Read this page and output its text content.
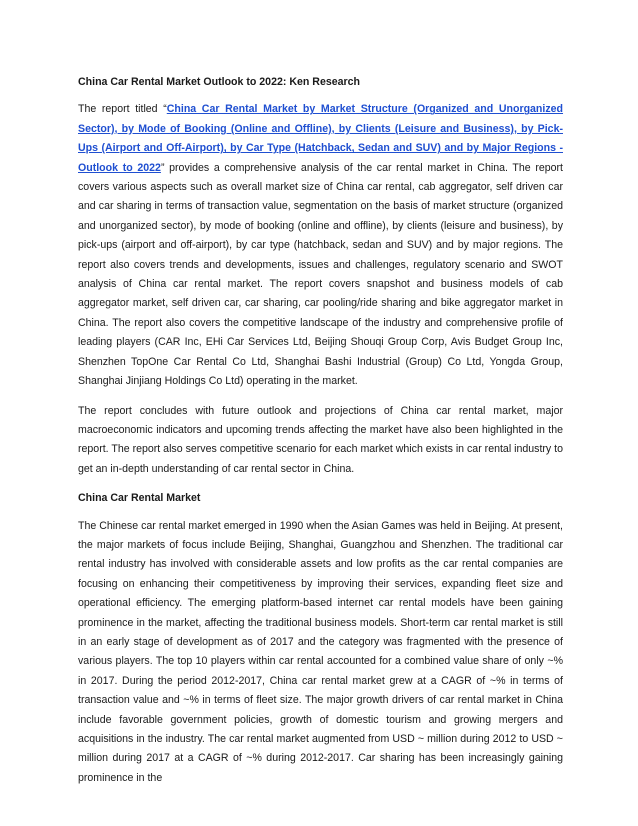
China Car Rental Market Outlook to 2022: Ken Research

The report titled “China Car Rental Market by Market Structure (Organized and Unorganized Sector), by Mode of Booking (Online and Offline), by Clients (Leisure and Business), by Pick-Ups (Airport and Off-Airport), by Car Type (Hatchback, Sedan and SUV) and by Major Regions - Outlook to 2022” provides a comprehensive analysis of the car rental market in China. The report covers various aspects such as overall market size of China car rental, cab aggregator, self driven car and car sharing in terms of transaction value, segmentation on the basis of market structure (organized and unorganized sector), by mode of booking (online and offline), by clients (leisure and business), by pick-ups (airport and off-airport), by car type (hatchback, sedan and SUV) and by major regions. The report also covers trends and developments, issues and challenges, regulatory scenario and SWOT analysis of China car rental market. The report covers snapshot and business models of cab aggregator market, self driven car, car sharing, car pooling/ride sharing and bike aggregator market in China. The report also covers the competitive landscape of the industry and comprehensive profile of leading players (CAR Inc, EHi Car Services Ltd, Beijing Shouqi Group Corp, Avis Budget Group Inc, Shenzhen TopOne Car Rental Co Ltd, Shanghai Bashi Industrial (Group) Co Ltd, Yongda Group, Shanghai Jinjiang Holdings Co Ltd) operating in the market.

The report concludes with future outlook and projections of China car rental market, major macroeconomic indicators and upcoming trends affecting the market have also been highlighted in the report. The report also serves competitive scenario for each market which exists in car rental industry to get an in-depth understanding of car rental sector in China.

China Car Rental Market

The Chinese car rental market emerged in 1990 when the Asian Games was held in Beijing. At present, the major markets of focus include Beijing, Shanghai, Guangzhou and Shenzhen. The traditional car rental industry has involved with considerable assets and low profits as the car rental companies are focusing on enhancing their competitiveness by improving their services, expanding fleet size and operational efficiency. The emerging platform-based internet car rental models have been gaining prominence in the market, affecting the traditional business models. Short-term car rental market is still in an early stage of development as of 2017 and the category was fragmented with the presence of various players. The top 10 players within car rental accounted for a combined value share of only ~% in 2017. During the period 2012-2017, China car rental market grew at a CAGR of ~% in terms of transaction value and ~% in terms of fleet size. The major growth drivers of car rental market in China include favorable government policies, growth of domestic tourism and growing mergers and acquisitions in the industry. The car rental market augmented from USD ~ million during 2012 to USD ~ million during 2017 at a CAGR of ~% during 2012-2017. Car sharing has been increasingly gaining prominence in the
